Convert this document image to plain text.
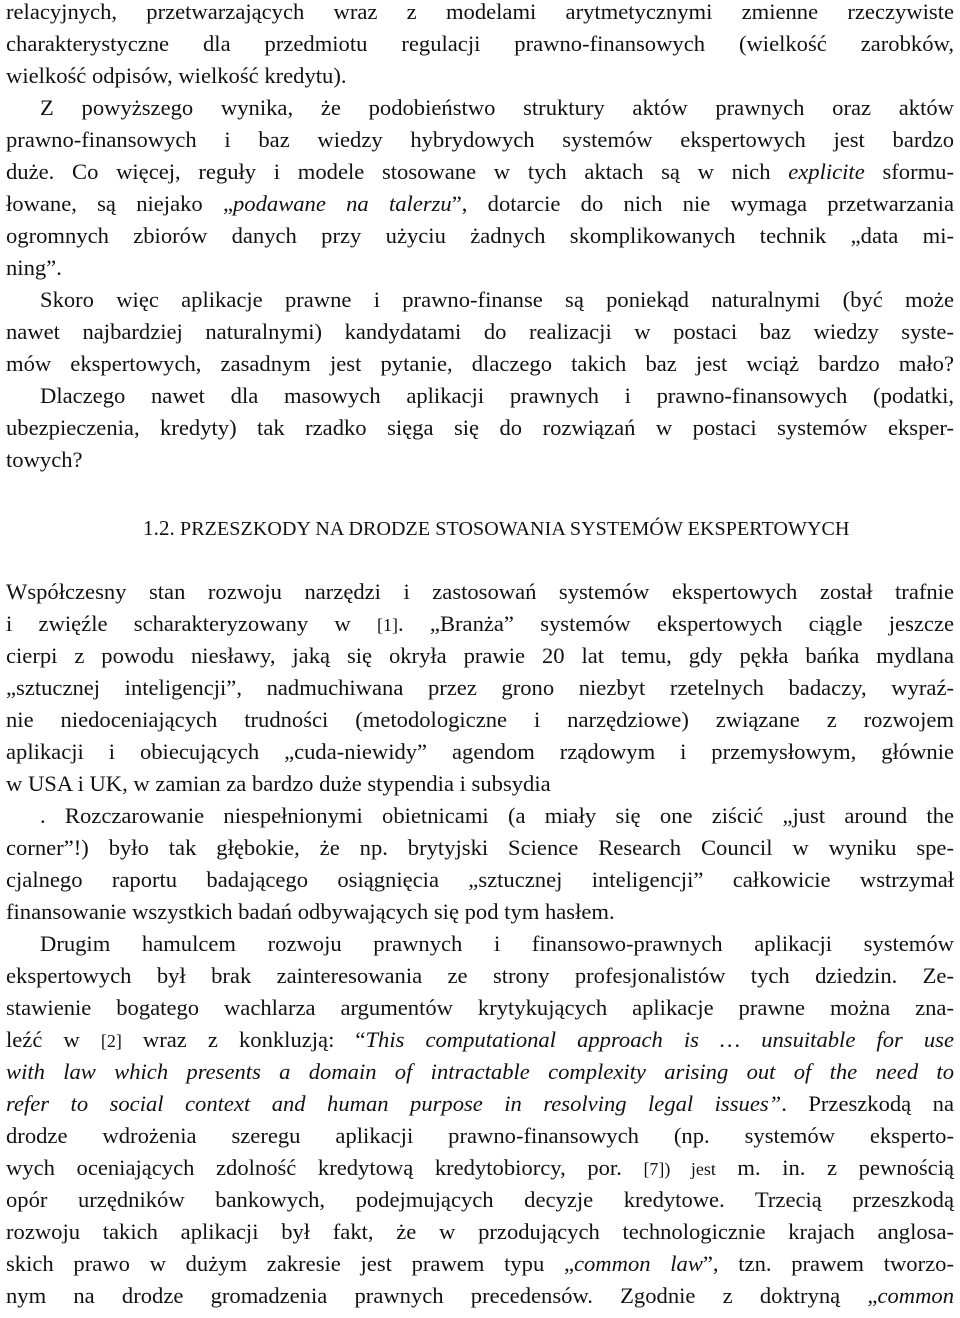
relacyjnych, przetwarzających wraz z modelami arytmetycznymi zmienne rzeczywiste
charakterystyczne dla przedmiotu regulacji prawno-finansowych (wielkość zarobków,
wielkość odpisów, wielkość kredytu).
Z powyższego wynika, że podobieństwo struktury aktów prawnych oraz aktów
prawno-finansowych i baz wiedzy hybrydowych systemów ekspertowych jest bardzo
duże. Co więcej, reguły i modele stosowane w tych aktach są w nich explicite sformu-
łowane, są niejako „podawane na talerzu”, dotarcie do nich nie wymaga przetwarzania
ogromnych zbiorów danych przy użyciu żadnych skomplikowanych technik „data mi-
ning”.
Skoro więc aplikacje prawne i prawno-finanse są poniekąd naturalnymi (być może
nawet najbardziej naturalnymi) kandydatami do realizacji w postaci baz wiedzy syste-
mów ekspertowych, zasadnym jest pytanie, dlaczego takich baz jest wciąż bardzo mało?
Dlaczego nawet dla masowych aplikacji prawnych i prawno-finansowych (podatki,
ubezpieczenia, kredyty) tak rzadko sięga się do rozwiązań w postaci systemów eksper-
towych?
1.2. PRZESZKODY NA DRODZE STOSOWANIA SYSTEMÓW EKSPERTOWYCH
Współczesny stan rozwoju narzędzi i zastosowań systemów ekspertowych został trafnie
i zwięźle scharakteryzowany w [1]. „Branża” systemów ekspertowych ciągle jeszcze
cierpi z powodu niesławy, jaką się okryła prawie 20 lat temu, gdy pękła bańka mydlana
„sztucznej inteligencji”, nadmuchiwana przez grono niezbyt rzetelnych badaczy, wyraź-
nie niedoceniających trudności (metodologiczne i narzędziowe) związane z rozwojem
aplikacji i obiecujących „cuda-niewidy” agendom rządowym i przemysłowym, głównie
w USA i UK, w zamian za bardzo duże stypendia i subsydia
. Rozczarowanie niespełnionymi obietnicami (a miały się one ziścić „just around the
corner”!) było tak głębokie, że np. brytyjski Science Research Council w wyniku spe-
cjalnego raportu badającego osiągnięcia „sztucznej inteligencji” całkowicie wstrzymał
finansowanie wszystkich badań odbywających się pod tym hasłem.
Drugim hamulcem rozwoju prawnych i finansowo-prawnych aplikacji systemów
ekspertowych był brak zainteresowania ze strony profesjonalistów tych dziedzin. Ze-
stawienie bogatego wachlarza argumentów krytykujących aplikacje prawne można zna-
leźć w [2] wraz z konkluzją: “This computational approach is … unsuitable for use
with law which presents a domain of intractable complexity arising out of the need to
refer to social context and human purpose in resolving legal issues”. Przeszkodą na
drodze wdrożenia szeregu aplikacji prawno-finansowych (np. systemów eksperto-
wych oceniających zdolność kredytową kredytobiorcy, por. [7]) jest m. in. z pewnością
opór urzędników bankowych, podejmujących decyzje kredytowe. Trzecią przeszkodą
rozwoju takich aplikacji był fakt, że w przodujących technologicznie krajach anglosa-
skich prawo w dużym zakresie jest prawem typu „common law”, tzn. prawem tworzo-
nym na drodze gromadzenia prawnych precedensów. Zgodnie z doktryną „common
